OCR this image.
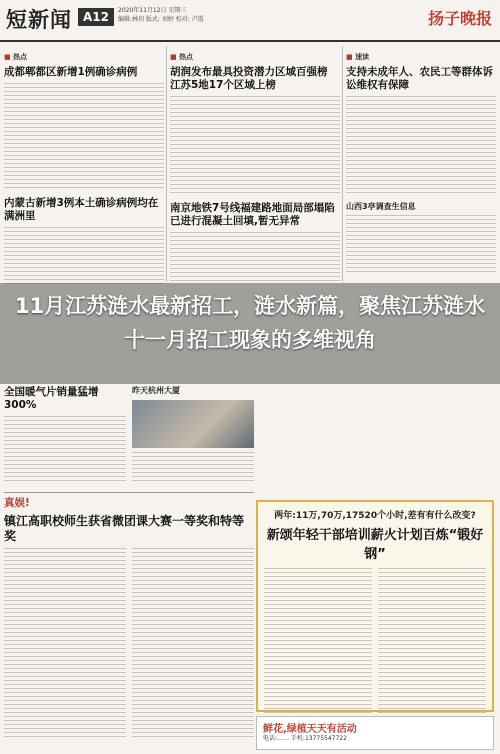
短新闻 A12	2020年11月12日 星期三
编辑:林玥 版式: 刘婷 校对: 卢霞	扬子晚报
■ 热点
成都郫都区新增1例确诊病例
内蒙古新增3例本土确诊病例均在满洲里
■ 热点
胡润发布最具投资潜力区域百强榜 江苏5地17个区域上榜
南京地铁7号线福建路地面局部塌陷 已进行混凝土回填,暂无异常
■ 速读
支持未成年人、农民工等群体诉讼维权有保障
山西3亭调查生信息
11月江苏涟水最新招工，涟水新篇，聚焦江苏涟水十一月招工现象的多维视角
全国暖气片销量猛增300%
昨天杭州大厦
真娱!
镇江高职校师生获省微团课大赛一等奖和特等奖
两年:11万,70万,17520个小时,差有有什么改变?
新颂年轻干部培训薪火计划百炼“锻好钢”
鲜花,绿植天天有活动
电话:…… 手机:13775547722
